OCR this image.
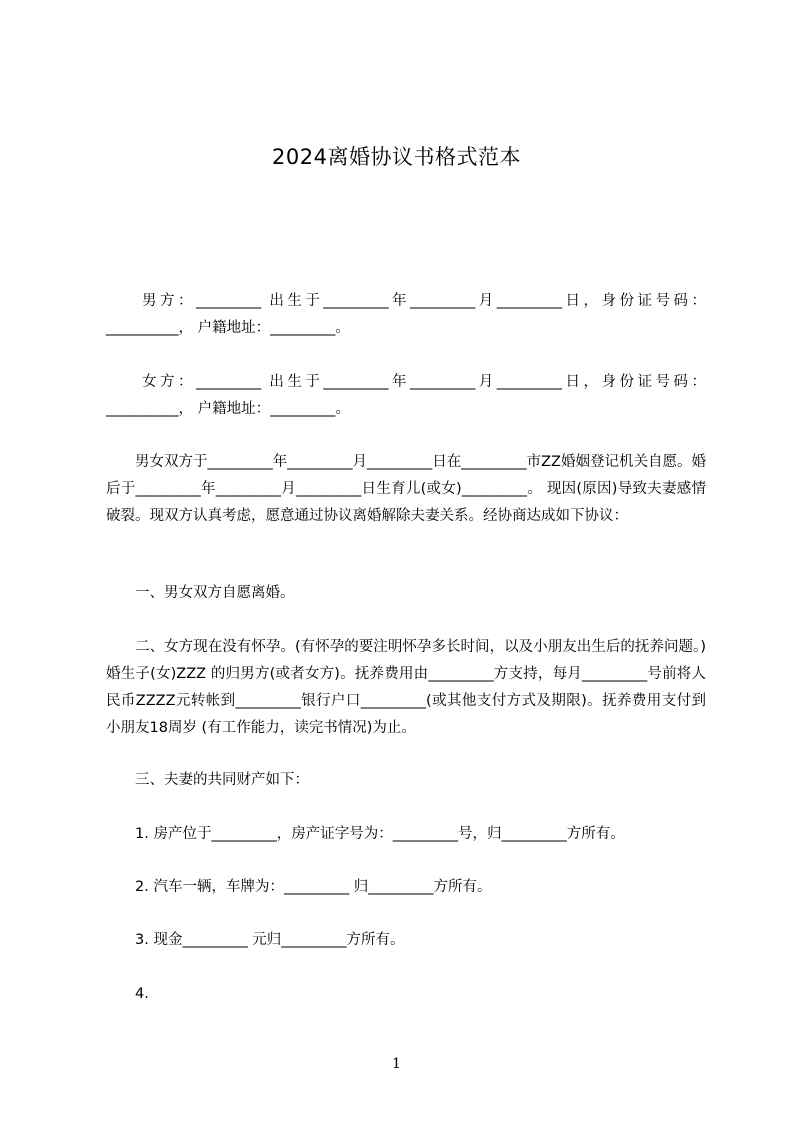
2024离婚协议书格式范本
　　男方：_________ 出生于_________年_________月_________日，身份证号码：__________， 户籍地址：_________。
　　女方：_________ 出生于_________年_________月_________日，身份证号码：__________， 户籍地址：_________。
　　男女双方于_________年_________月_________日在_________市ZZ婚姻登记机关自愿。婚后于_________年_________月_________日生育儿(或女)_________。 现因(原因)导致夫妻感情破裂。现双方认真考虑，愿意通过协议离婚解除夫妻关系。经协商达成如下协议：
　　一、男女双方自愿离婚。
　　二、女方现在没有怀孕。(有怀孕的要注明怀孕多长时间，以及小朋友出生后的抚养问题。)婚生子(女)ZZZ 的归男方(或者女方)。抚养费用由_________方支持，每月_________号前将人民币ZZZZ元转帐到_________银行户口_________(或其他支付方式及期限)。抚养费用支付到小朋友18周岁 (有工作能力，读完书情况)为止。
　　三、夫妻的共同财产如下：
　　1. 房产位于_________，房产证字号为：_________号，归_________方所有。
　　2. 汽车一辆，车牌为：_________ 归_________方所有。
　　3. 现金_________ 元归_________方所有。
　　4.
1
